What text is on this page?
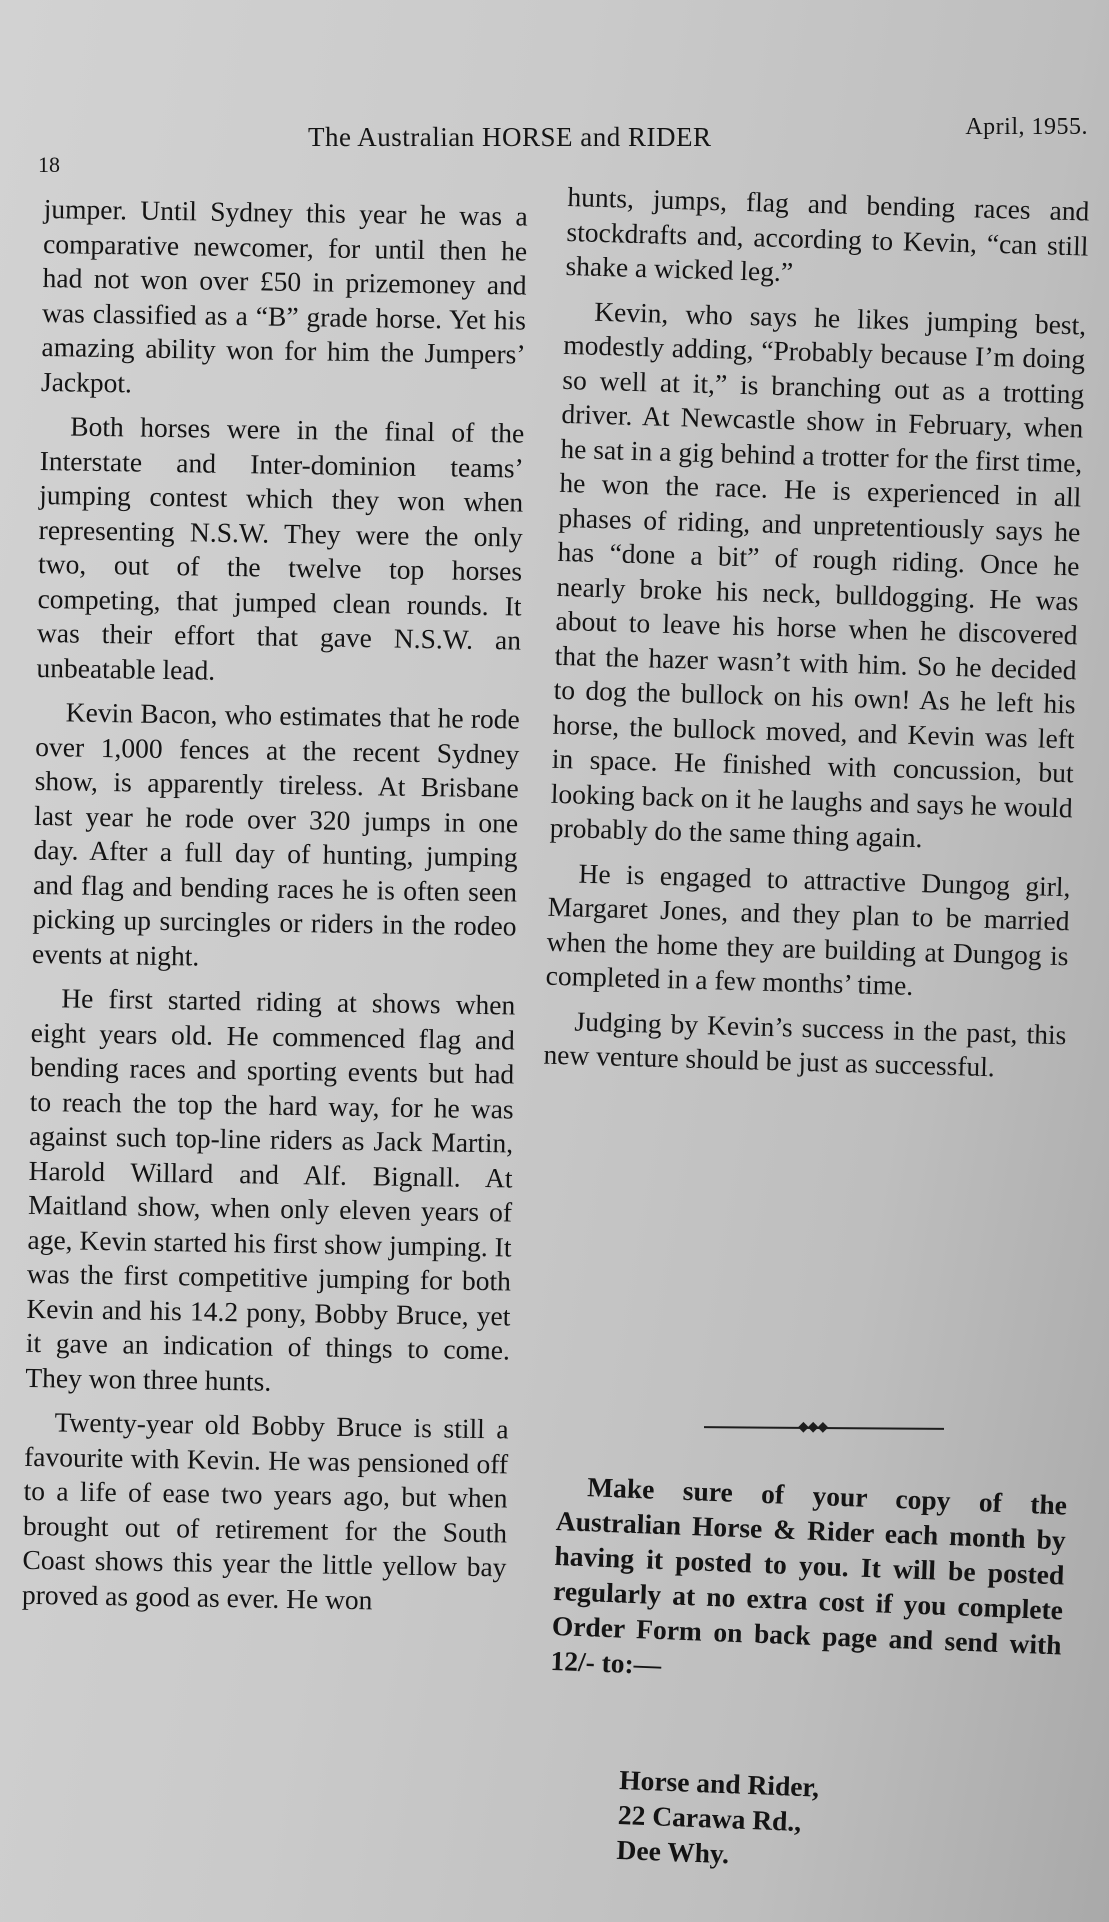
18
The Australian HORSE and RIDER	April, 1955.

jumper. Until Sydney this year he was a comparative newcomer, for until then he had not won over £50 in prizemoney and was classified as a “B” grade horse. Yet his amazing ability won for him the Jumpers’ Jackpot.

Both horses were in the final of the Interstate and Inter-dominion teams’ jumping contest which they won when representing N.S.W. They were the only two, out of the twelve top horses competing, that jumped clean rounds. It was their effort that gave N.S.W. an unbeatable lead.

Kevin Bacon, who estimates that he rode over 1,000 fences at the recent Sydney show, is apparently tireless. At Brisbane last year he rode over 320 jumps in one day. After a full day of hunting, jumping and flag and bending races he is often seen picking up surcingles or riders in the rodeo events at night.

He first started riding at shows when eight years old. He commenced flag and bending races and sporting events but had to reach the top the hard way, for he was against such top-line riders as Jack Martin, Harold Willard and Alf. Bignall. At Maitland show, when only eleven years of age, Kevin started his first show jumping. It was the first competitive jumping for both Kevin and his 14.2 pony, Bobby Bruce, yet it gave an indication of things to come. They won three hunts.

Twenty-year old Bobby Bruce is still a favourite with Kevin. He was pensioned off to a life of ease two years ago, but when brought out of retirement for the South Coast shows this year the little yellow bay proved as good as ever. He won

hunts, jumps, flag and bending races and stockdrafts and, according to Kevin, “can still shake a wicked leg.”

Kevin, who says he likes jumping best, modestly adding, “Probably because I’m doing so well at it,” is branching out as a trotting driver. At Newcastle show in February, when he sat in a gig behind a trotter for the first time, he won the race. He is experienced in all phases of riding, and unpretentiously says he has “done a bit” of rough riding. Once he nearly broke his neck, bulldogging. He was about to leave his horse when he discovered that the hazer wasn’t with him. So he decided to dog the bullock on his own! As he left his horse, the bullock moved, and Kevin was left in space. He finished with concussion, but looking back on it he laughs and says he would probably do the same thing again.

He is engaged to attractive Dungog girl, Margaret Jones, and they plan to be married when the home they are building at Dungog is completed in a few months’ time.

Judging by Kevin’s success in the past, this new venture should be just as successful.

◆◆◆

Make sure of your copy of the Australian Horse & Rider each month by having it posted to you. It will be posted regularly at no extra cost if you complete Order Form on back page and send with 12/- to:—

Horse and Rider,
22 Carawa Rd.,
Dee Why.
